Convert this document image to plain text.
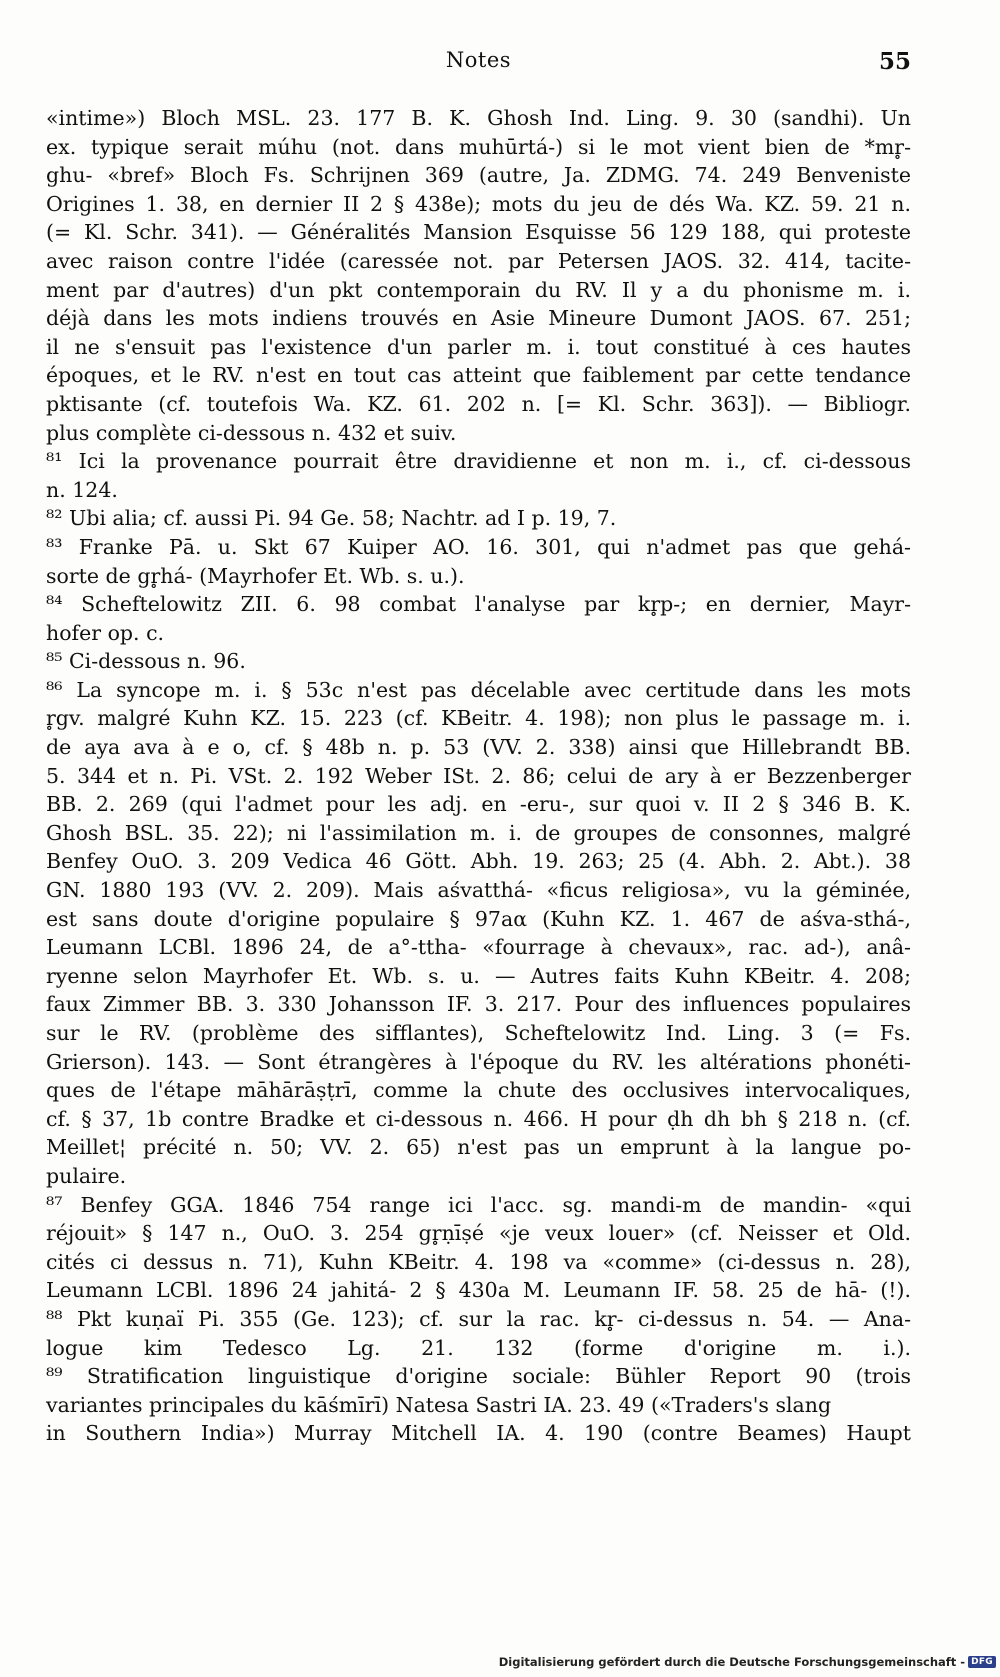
Notes	55
«intime») Bloch MSL. 23. 177 B. K. Ghosh Ind. Ling. 9. 30 (sandhi). Un
ex. typique serait múhu (not. dans muhūrtá-) si le mot vient bien de *mr̥-
ghu- «bref» Bloch Fs. Schrijnen 369 (autre, Ja. ZDMG. 74. 249 Benveniste
Origines 1. 38, en dernier II 2 § 438e); mots du jeu de dés Wa. KZ. 59. 21 n.
(= Kl. Schr. 341). — Généralités Mansion Esquisse 56 129 188, qui proteste
avec raison contre l'idée (caressée not. par Petersen JAOS. 32. 414, tacite-
ment par d'autres) d'un pkt contemporain du RV. Il y a du phonisme m. i.
déjà dans les mots indiens trouvés en Asie Mineure Dumont JAOS. 67. 251;
il ne s'ensuit pas l'existence d'un parler m. i. tout constitué à ces hautes
époques, et le RV. n'est en tout cas atteint que faiblement par cette tendance
pktisante (cf. toutefois Wa. KZ. 61. 202 n. [= Kl. Schr. 363]). — Bibliogr.
plus complète ci-dessous n. 432 et suiv.
⁸¹ Ici la provenance pourrait être dravidienne et non m. i., cf. ci-dessous
n. 124.
⁸² Ubi alia; cf. aussi Pi. 94 Ge. 58; Nachtr. ad I p. 19, 7.
⁸³ Franke Pā. u. Skt 67 Kuiper AO. 16. 301, qui n'admet pas que gehá-
sorte de gr̥há- (Mayrhofer Et. Wb. s. u.).
⁸⁴ Scheftelowitz ZII. 6. 98 combat l'analyse par kr̥p-; en dernier, Mayr-
hofer op. c.
⁸⁵ Ci-dessous n. 96.
⁸⁶ La syncope m. i. § 53c n'est pas décelable avec certitude dans les mots
r̥gv. malgré Kuhn KZ. 15. 223 (cf. KBeitr. 4. 198); non plus le passage m. i.
de aya ava à e o, cf. § 48b n. p. 53 (VV. 2. 338) ainsi que Hillebrandt BB.
5. 344 et n. Pi. VSt. 2. 192 Weber ISt. 2. 86; celui de ary à er Bezzenberger
BB. 2. 269 (qui l'admet pour les adj. en -eru-, sur quoi v. II 2 § 346 B. K.
Ghosh BSL. 35. 22); ni l'assimilation m. i. de groupes de consonnes, malgré
Benfey OuO. 3. 209 Vedica 46 Gött. Abh. 19. 263; 25 (4. Abh. 2. Abt.). 38
GN. 1880 193 (VV. 2. 209). Mais aśvatthá- «ficus religiosa», vu la géminée,
est sans doute d'origine populaire § 97aα (Kuhn KZ. 1. 467 de aśva-sthá-,
Leumann LCBl. 1896 24, de a°-ttha- «fourrage à chevaux», rac. ad-), anâ-
ryenne selon Mayrhofer Et. Wb. s. u. — Autres faits Kuhn KBeitr. 4. 208;
faux Zimmer BB. 3. 330 Johansson IF. 3. 217. Pour des influences populaires
sur le RV. (problème des sifflantes), Scheftelowitz Ind. Ling. 3 (= Fs.
Grierson). 143. — Sont étrangères à l'époque du RV. les altérations phonéti-
ques de l'étape māhārāṣṭrī, comme la chute des occlusives intervocaliques,
cf. § 37, 1b contre Bradke et ci-dessous n. 466. H pour ḍh dh bh § 218 n. (cf.
Meillet¦ précité n. 50; VV. 2. 65) n'est pas un emprunt à la langue po-
pulaire.
⁸⁷ Benfey GGA. 1846 754 range ici l'acc. sg. mandi-m de mandin- «qui
réjouit» § 147 n., OuO. 3. 254 gr̥ṇīṣé «je veux louer» (cf. Neisser et Old.
cités ci dessus n. 71), Kuhn KBeitr. 4. 198 va «comme» (ci-dessus n. 28),
Leumann LCBl. 1896 24 jahitá- 2 § 430a M. Leumann IF. 58. 25 de hā- (!).
⁸⁸ Pkt kuṇaï Pi. 355 (Ge. 123); cf. sur la rac. kr̥- ci-dessus n. 54. — Ana-
logue kim Tedesco Lg. 21. 132 (forme d'origine m. i.).
⁸⁹ Stratification linguistique d'origine sociale: Bühler Report 90 (trois
variantes principales du kāśmīrī) Natesa Sastri IA. 23. 49 («Traders's slang
in Southern India») Murray Mitchell IA. 4. 190 (contre Beames) Haupt
Digitalisierung gefördert durch die Deutsche Forschungsgemeinschaft - DFG
